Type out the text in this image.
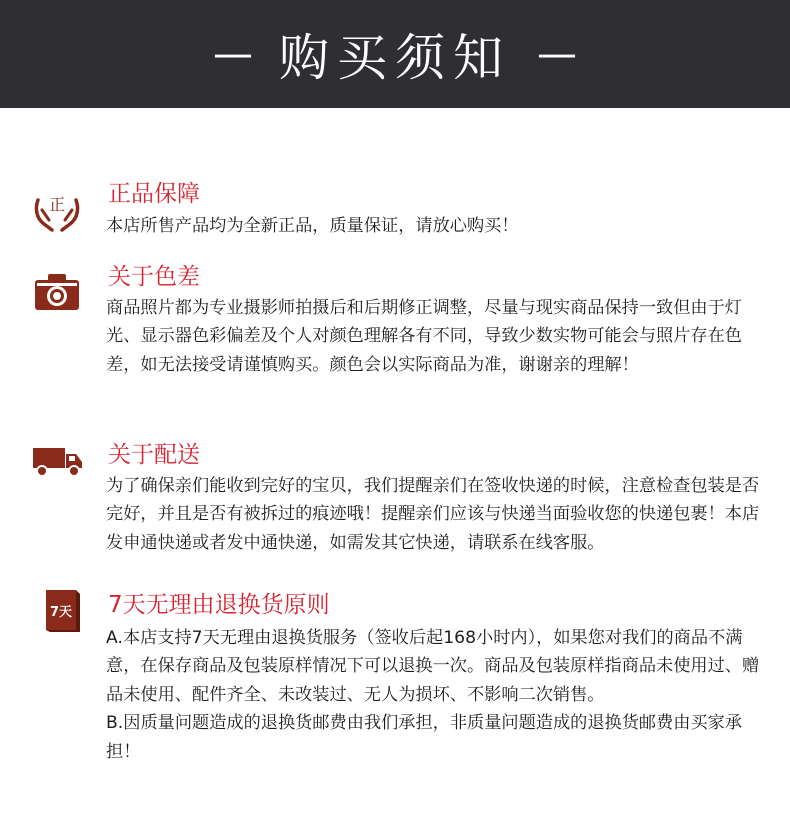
— 购买须知 —
正 正品保障

本店所售产品均为全新正品，质量保证，请放心购买！

关于色差

商品照片都为专业摄影师拍摄后和后期修正调整，尽量与现实商品保持一致但由于灯光、显示器色彩偏差及个人对颜色理解各有不同，导致少数实物可能会与照片存在色差，如无法接受请谨慎购买。颜色会以实际商品为准，谢谢亲的理解！

关于配送

为了确保亲们能收到完好的宝贝，我们提醒亲们在签收快递的时候，注意检查包装是否完好，并且是否有被拆过的痕迹哦！提醒亲们应该与快递当面验收您的快递包裹！本店发申通快递或者发中通快递，如需发其它快递，请联系在线客服。

7天 7天无理由退换货原则

A.本店支持7天无理由退换货服务（签收后起168小时内），如果您对我们的商品不满意，在保存商品及包装原样情况下可以退换一次。商品及包装原样指商品未使用过、赠品未使用、配件齐全、未改装过、无人为损坏、不影响二次销售。

B.因质量问题造成的退换货邮费由我们承担，非质量问题造成的退换货邮费由买家承担！
